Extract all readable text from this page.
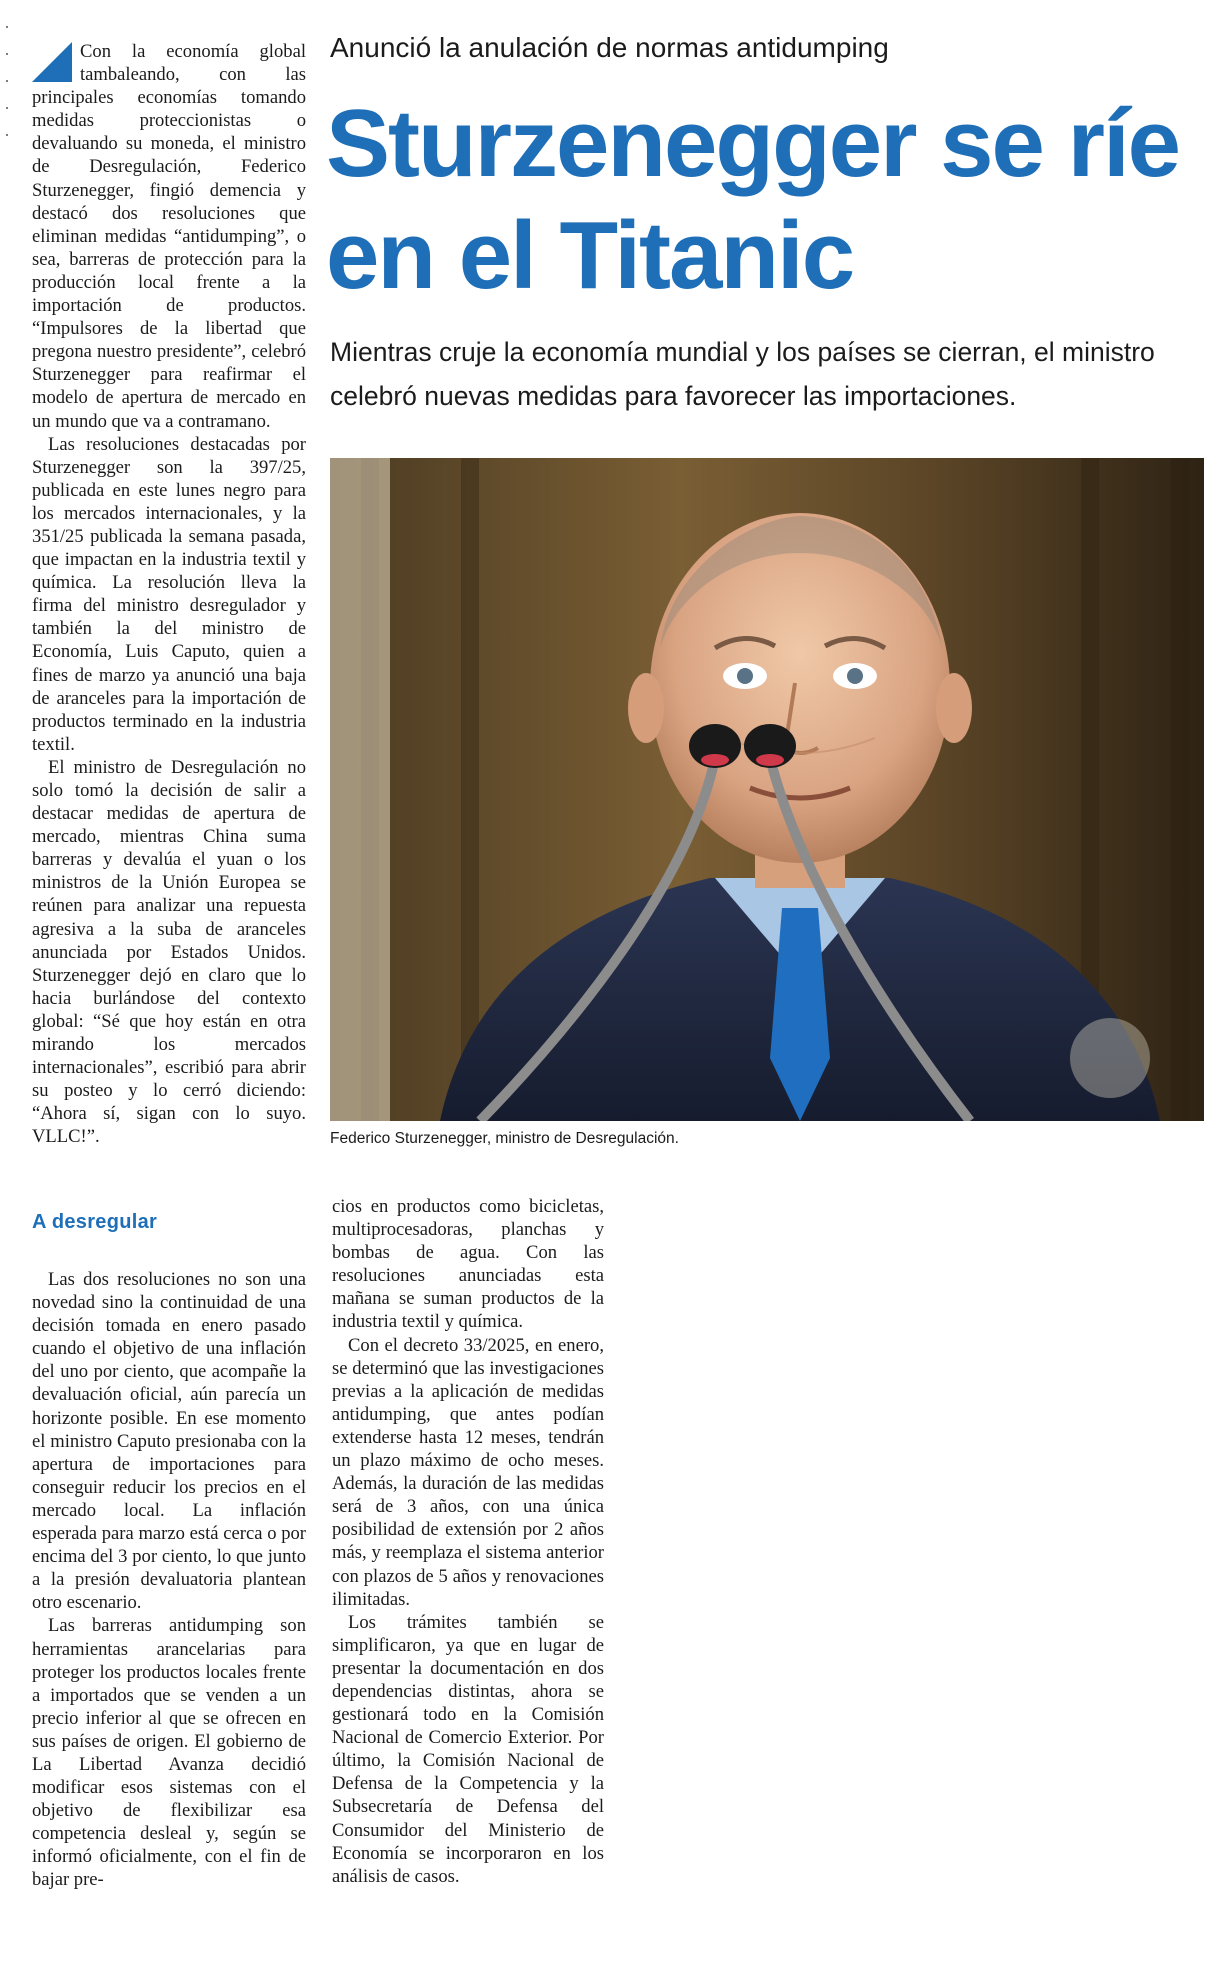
Con la economía global tambaleando, con las principales economías tomando medidas proteccionistas o devaluando su moneda, el ministro de Desregulación, Federico Sturzenegger, fingió demencia y destacó dos resoluciones que eliminan medidas “antidumping”, o sea, barreras de protección para la producción local frente a la importación de productos. “Impulsores de la libertad que pregona nuestro presidente”, celebró Sturzenegger para reafirmar el modelo de apertura de mercado en un mundo que va a contramano.

Las resoluciones destacadas por Sturzenegger son la 397/25, publicada en este lunes negro para los mercados internacionales, y la 351/25 publicada la semana pasada, que impactan en la industria textil y química. La resolución lleva la firma del ministro desregulador y también la del ministro de Economía, Luis Caputo, quien a fines de marzo ya anunció una baja de aranceles para la importación de productos terminado en la industria textil.

El ministro de Desregulación no solo tomó la decisión de salir a destacar medidas de apertura de mercado, mientras China suma barreras y devalúa el yuan o los ministros de la Unión Europea se reúnen para analizar una repuesta agresiva a la suba de aranceles anunciada por Estados Unidos. Sturzenegger dejó en claro que lo hacia burlándose del contexto global: “Sé que hoy están en otra mirando los mercados internacionales”, escribió para abrir su posteo y lo cerró diciendo: “Ahora sí, sigan con lo suyo. VLLC!”.

A desregular

Las dos resoluciones no son una novedad sino la continuidad de una decisión tomada en enero pasado cuando el objetivo de una inflación del uno por ciento, que acompañe la devaluación oficial, aún parecía un horizonte posible. En ese momento el ministro Caputo presionaba con la apertura de importaciones para conseguir reducir los precios en el mercado local. La inflación esperada para marzo está cerca o por encima del 3 por ciento, lo que junto a la presión devaluatoria plantean otro escenario.

Las barreras antidumping son herramientas arancelarias para proteger los productos locales frente a importados que se venden a un precio inferior al que se ofrecen en sus países de origen. El gobierno de La Libertad Avanza decidió modificar esos sistemas con el objetivo de flexibilizar esa competencia desleal y, según se informó oficialmente, con el fin de bajar pre-

Anunció la anulación de normas antidumping
Sturzenegger se ríe en el Titanic

Mientras cruje la economía mundial y los países se cierran, el ministro celebró nuevas medidas para favorecer las importaciones.

Federico Sturzenegger, ministro de Desregulación.

cios en productos como bicicletas, multiprocesadoras, planchas y bombas de agua. Con las resoluciones anunciadas esta mañana se suman productos de la industria textil y química.

Con el decreto 33/2025, en enero, se determinó que las investigaciones previas a la aplicación de medidas antidumping, que antes podían extenderse hasta 12 meses, tendrán un plazo máximo de ocho meses. Además, la duración de las medidas será de 3 años, con una única posibilidad de extensión por 2 años más, y reemplaza el sistema anterior con plazos de 5 años y renovaciones ilimitadas.

Los trámites también se simplificaron, ya que en lugar de presentar la documentación en dos dependencias distintas, ahora se gestionará todo en la Comisión Nacional de Comercio Exterior. Por último, la Comisión Nacional de Defensa de la Competencia y la Subsecretaría de Defensa del Consumidor del Ministerio de Economía se incorporaron en los análisis de casos.
